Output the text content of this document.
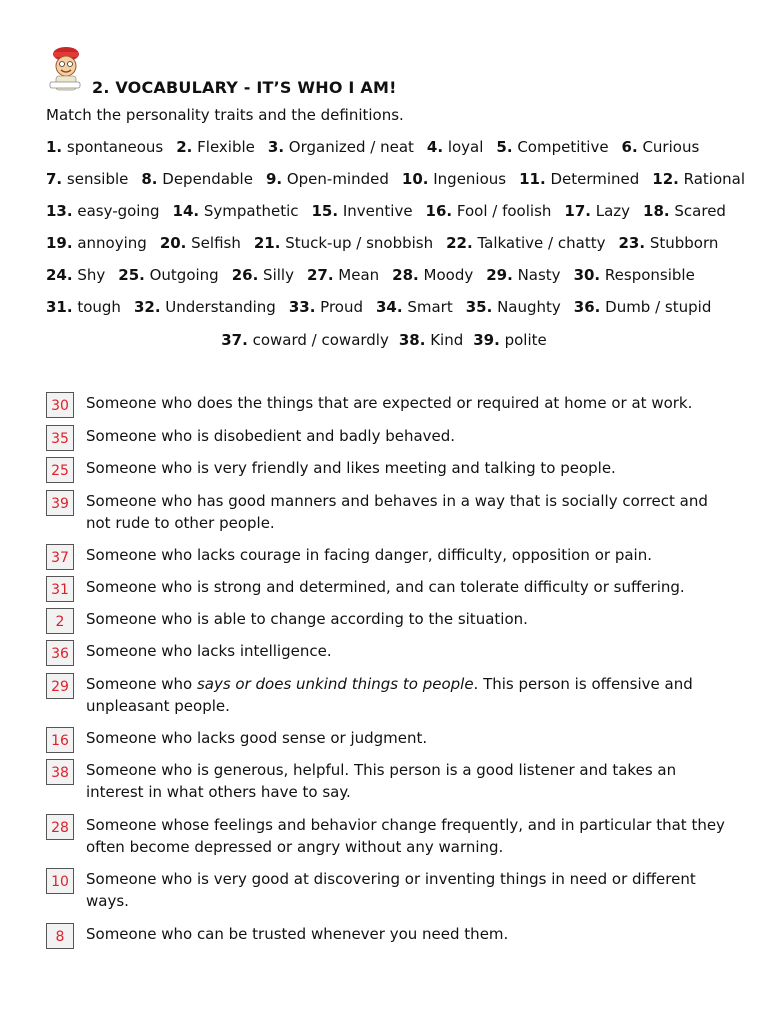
2. VOCABULARY - IT’S WHO I AM!
Match the personality traits and the definitions.
1. spontaneous 2. Flexible 3. Organized / neat 4. loyal 5. Competitive 6. Curious
7. sensible 8. Dependable 9. Open-minded 10. Ingenious 11. Determined 12. Rational
13. easy-going 14. Sympathetic 15. Inventive 16. Fool / foolish 17. Lazy 18. Scared
19. annoying 20. Selfish 21. Stuck-up / snobbish 22. Talkative / chatty 23. Stubborn
24. Shy 25. Outgoing 26. Silly 27. Mean 28. Moody 29. Nasty 30. Responsible
31. tough 32. Understanding 33. Proud 34. Smart 35. Naughty 36. Dumb / stupid
37. coward / cowardly 38. Kind 39. polite
30	Someone who does the things that are expected or required at home or at work.
35	Someone who is disobedient and badly behaved.
25	Someone who is very friendly and likes meeting and talking to people.
39	Someone who has good manners and behaves in a way that is socially correct and not rude to other people.
37	Someone who lacks courage in facing danger, difficulty, opposition or pain.
31	Someone who is strong and determined, and can tolerate difficulty or suffering.
2	Someone who is able to change according to the situation.
36	Someone who lacks intelligence.
29	Someone who says or does unkind things to people. This person is offensive and unpleasant people.
16	Someone who lacks good sense or judgment.
38	Someone who is generous, helpful. This person is a good listener and takes an interest in what others have to say.
28	Someone whose feelings and behavior change frequently, and in particular that they often become depressed or angry without any warning.
10	Someone who is very good at discovering or inventing things in need or different ways.
8	Someone who can be trusted whenever you need them.
